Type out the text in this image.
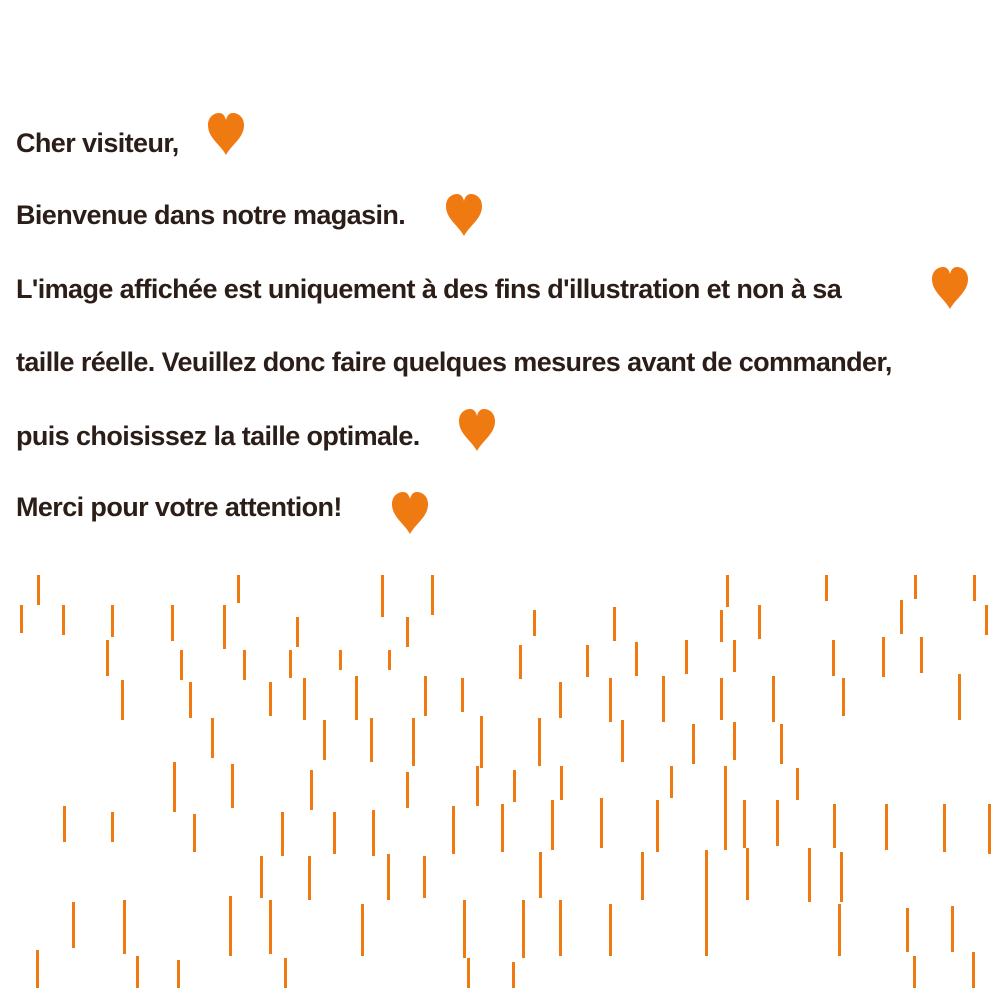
Cher visiteur,
Bienvenue dans notre magasin.
L'image affichée est uniquement à des fins d'illustration et non à sa
taille réelle. Veuillez donc faire quelques mesures avant de commander,
puis choisissez la taille optimale.
Merci pour votre attention!
